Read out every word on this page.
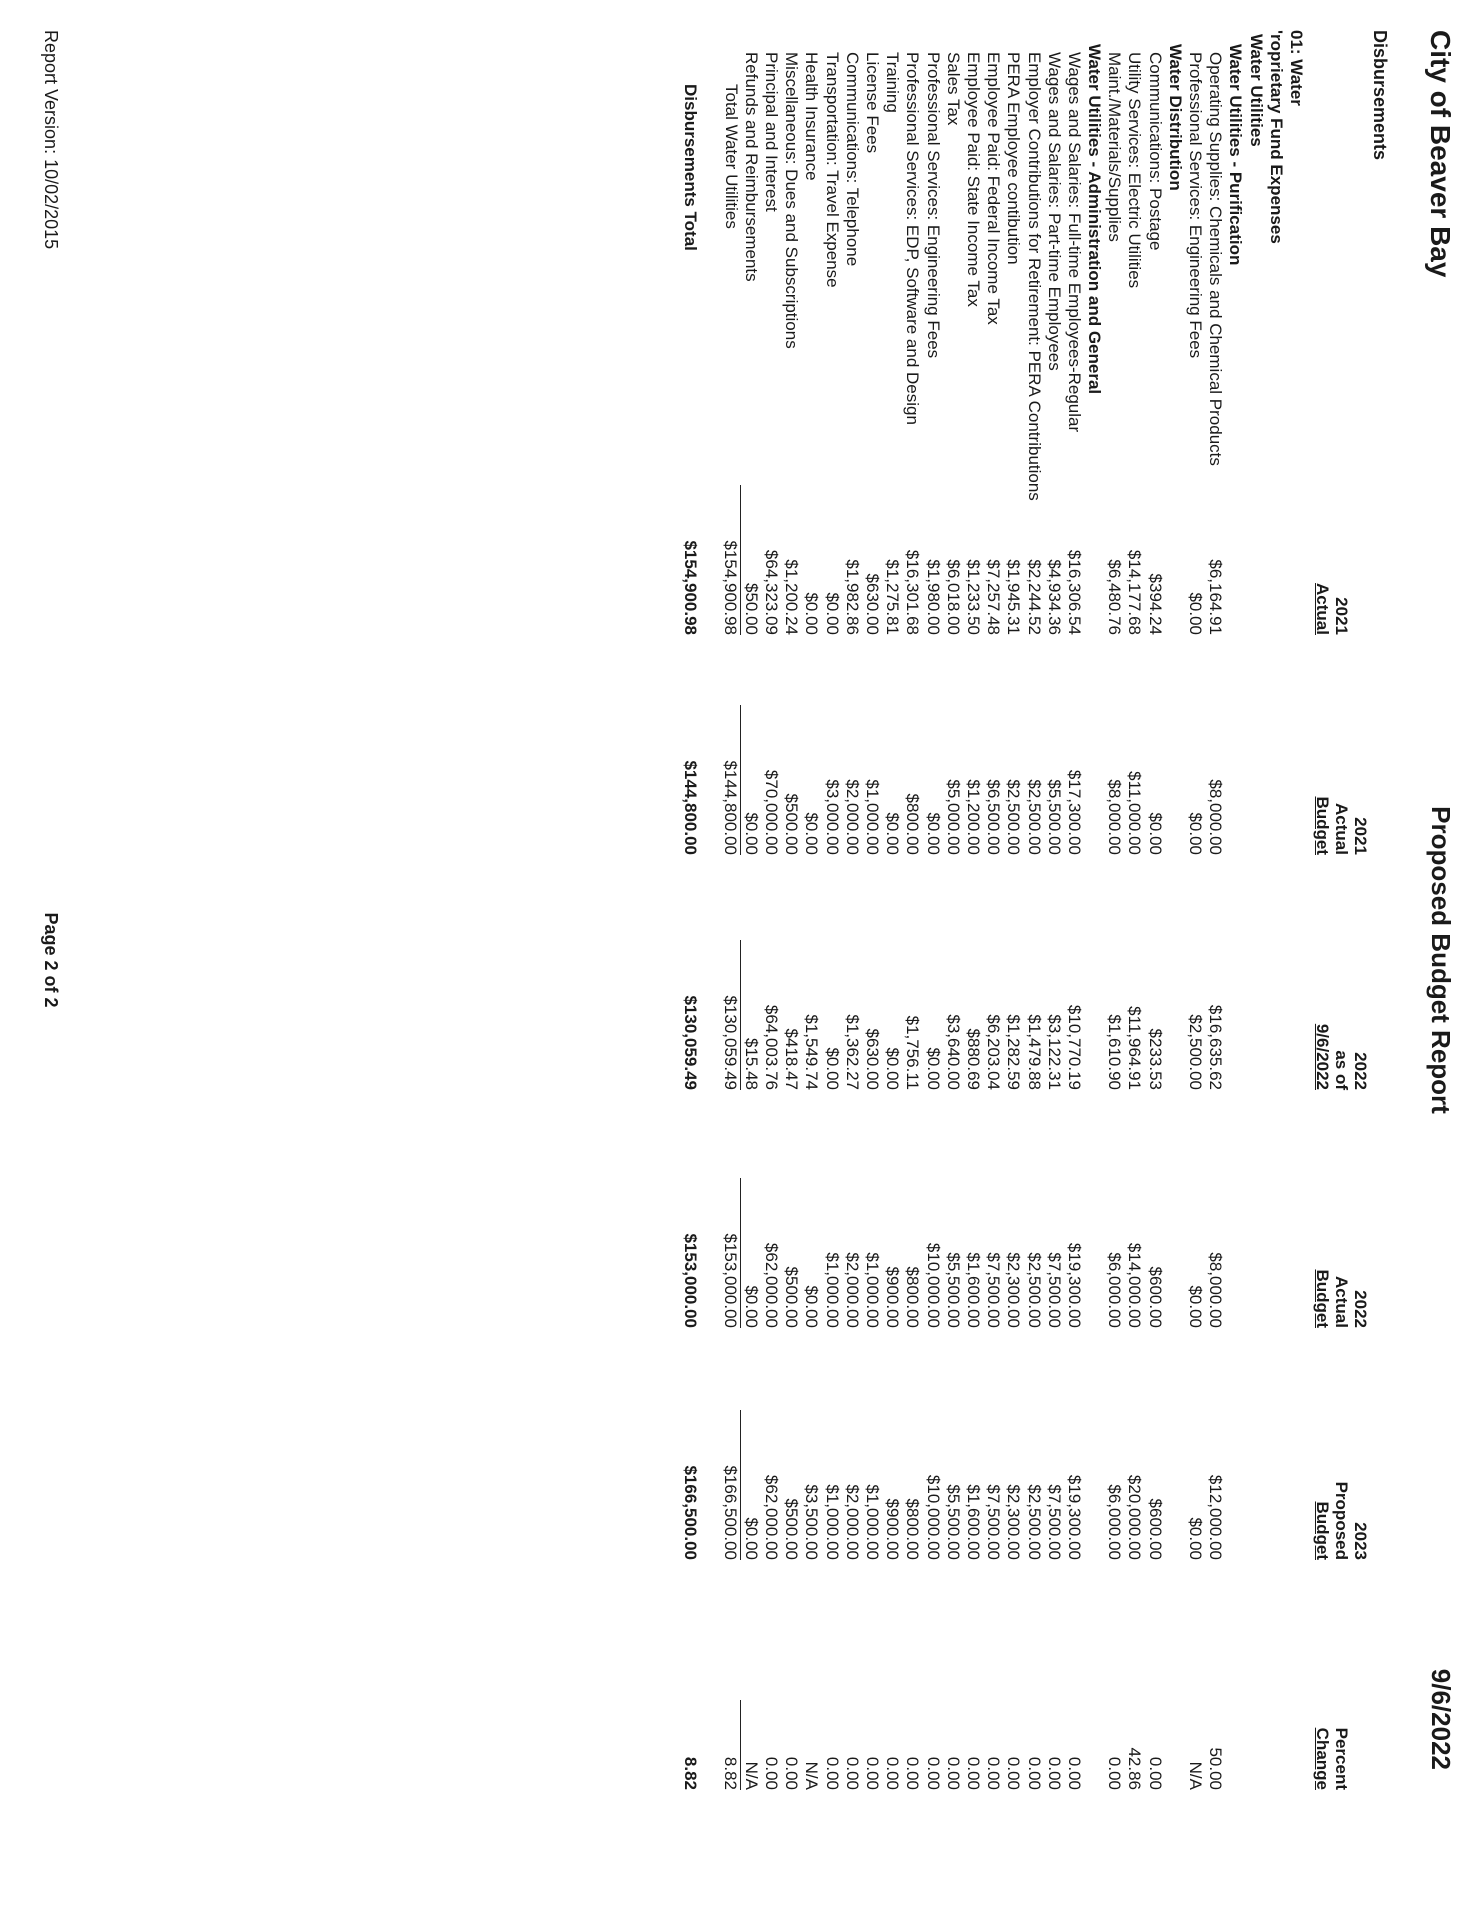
City of Beaver Bay
Disbursements
Proposed Budget Report
9/6/2022

2021
Actual
2021
Actual
Budget
2022
as of
9/6/2022
2022
Actual
Budget
2023
Proposed
Budget

Percent
Change
01: Water
'roprietary Fund Expenses
Water Utilities
Water Utilities - Purification
Operating Supplies: Chemicals and Chemical Products
$6,164.91
$8,000.00
$16,635.62
$8,000.00
$12,000.00
50.00
Professional Services: Engineering Fees
$0.00
$0.00
$2,500.00
$0.00
$0.00
N/A
Water Distribution
Communications: Postage
$394.24
$0.00
$233.53
$600.00
$600.00
0.00
Utility Services: Electric Utilities
$14,177.68
$11,000.00
$11,964.91
$14,000.00
$20,000.00
42.86
Maint./Materials/Supplies
$6,480.76
$8,000.00
$1,610.90
$6,000.00
$6,000.00
0.00
Water Utilities - Administration and General
Wages and Salaries: Full-time Employees-Regular
$16,306.54
$17,300.00
$10,770.19
$19,300.00
$19,300.00
0.00
Wages and Salaries: Part-time Employees
$4,934.36
$5,500.00
$3,122.31
$7,500.00
$7,500.00
0.00
Employer Contributions for Retirement: PERA Contributions
$2,244.52
$2,500.00
$1,479.88
$2,500.00
$2,500.00
0.00
PERA Employee contibution
$1,945.31
$2,500.00
$1,282.59
$2,300.00
$2,300.00
0.00
Employee Paid: Federal Income Tax
$7,257.48
$6,500.00
$6,203.04
$7,500.00
$7,500.00
0.00
Employee Paid: State Income Tax
$1,233.50
$1,200.00
$880.69
$1,600.00
$1,600.00
0.00
Sales Tax
$6,018.00
$5,000.00
$3,640.00
$5,500.00
$5,500.00
0.00
Professional Services: Engineering Fees
$1,980.00
$0.00
$0.00
$10,000.00
$10,000.00
0.00
Professional Services: EDP, Software and Design
$16,301.68
$800.00
$1,756.11
$800.00
$800.00
0.00
Training
$1,275.81
$0.00
$0.00
$900.00
$900.00
0.00
License Fees
$630.00
$1,000.00
$630.00
$1,000.00
$1,000.00
0.00
Communications: Telephone
$1,982.86
$2,000.00
$1,362.27
$2,000.00
$2,000.00
0.00
Transportation: Travel Expense
$0.00
$3,000.00
$0.00
$1,000.00
$1,000.00
0.00
Health Insurance
$0.00
$0.00
$1,549.74
$0.00
$3,500.00
N/A
Miscellaneous: Dues and Subscriptions
$1,200.24
$500.00
$418.47
$500.00
$500.00
0.00
Principal and Interest
$64,323.09
$70,000.00
$64,003.76
$62,000.00
$62,000.00
0.00
Refunds and Reimbursements
$50.00
$0.00
$15.48
$0.00
$0.00
N/A
Total Water Utilities
$154,900.98
$144,800.00
$130,059.49
$153,000.00
$166,500.00
8.82
Disbursements Total
$154,900.98
$144,800.00
$130,059.49
$153,000.00
$166,500.00
8.82
Report Version: 10/02/2015
Page 2 of 2
